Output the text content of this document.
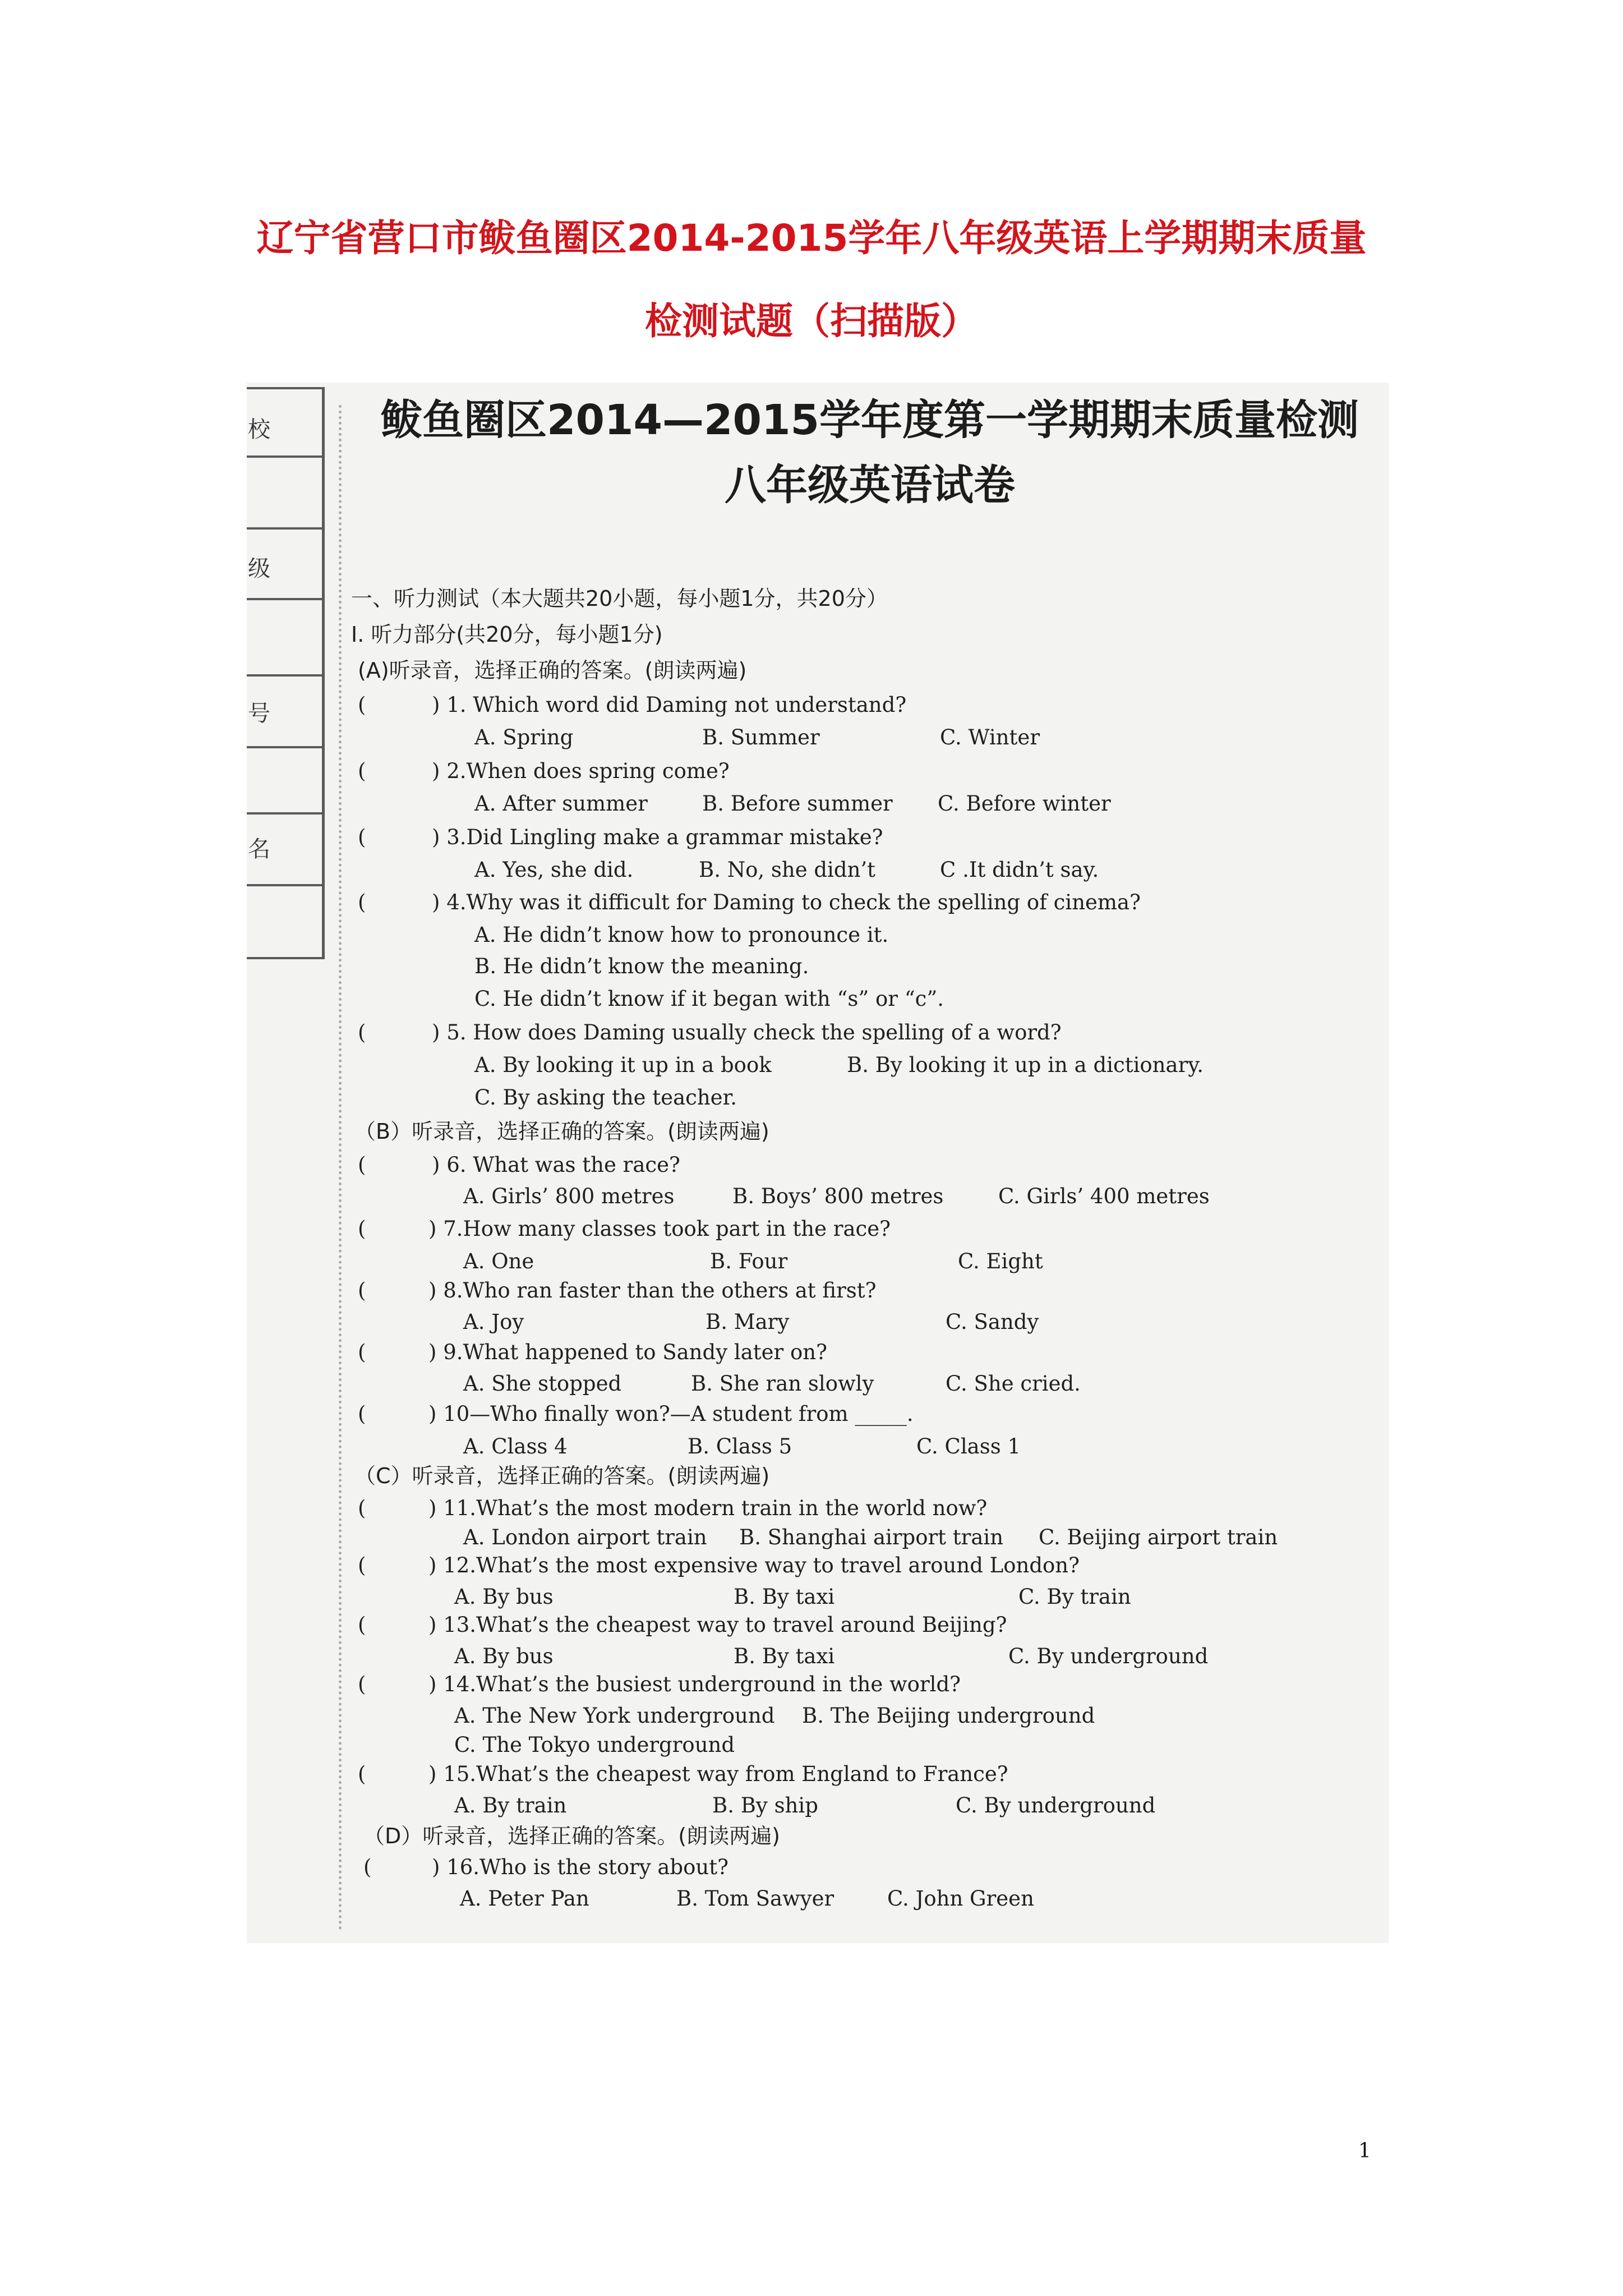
辽宁省营口市鲅鱼圈区2014-2015学年八年级英语上学期期末质量
检测试题（扫描版）
校
级
号
名
鲅鱼圈区2014—2015学年度第一学期期末质量检测
八年级英语试卷
一、听力测试（本大题共20小题，每小题1分，共20分）
I. 听力部分(共20分，每小题1分)
(A)听录音，选择正确的答案。(朗读两遍)
(	) 1. Which word did Daming not understand?
A. Spring	B. Summer	C. Winter
(	) 2.When does spring come?
A. After summer	B. Before summer C. Before winter
(	) 3.Did Lingling make a grammar mistake?
A. Yes, she did.	B. No, she didn’t	C .It didn’t say.
(	) 4.Why was it difficult for Daming to check the spelling of cinema?
A. He didn’t know how to pronounce it.
B. He didn’t know the meaning.
C. He didn’t know if it began with “s” or “c”.
(	) 5. How does Daming usually check the spelling of a word?
A. By looking it up in a book	B. By looking it up in a dictionary.
C. By asking the teacher.
（B）听录音，选择正确的答案。(朗读两遍)
(	) 6. What was the race?
A. Girls’ 800 metres	B. Boys’ 800 metres	C. Girls’ 400 metres
(	) 7.How many classes took part in the race?
A. One	B. Four	C. Eight
(	) 8.Who ran faster than the others at first?
A. Joy	B. Mary	C. Sandy
(	) 9.What happened to Sandy later on?
A. She stopped	B. She ran slowly	C. She cried.
(	) 10—Who finally won?—A student from _____.
A. Class 4	B. Class 5	C. Class 1
（C）听录音，选择正确的答案。(朗读两遍)
(	) 11.What’s the most modern train in the world now?
A. London airport train B. Shanghai airport train C. Beijing airport train
(	) 12.What’s the most expensive way to travel around London?
A. By bus	B. By taxi	C. By train
(	) 13.What’s the cheapest way to travel around Beijing?
A. By bus	B. By taxi	C. By underground
(	) 14.What’s the busiest underground in the world?
A. The New York underground B. The Beijing underground
C. The Tokyo underground
(	) 15.What’s the cheapest way from England to France?
A. By train	B. By ship	C. By underground
（D）听录音，选择正确的答案。(朗读两遍)
(	) 16.Who is the story about?
A. Peter Pan	B. Tom Sawyer	C. John Green
1
